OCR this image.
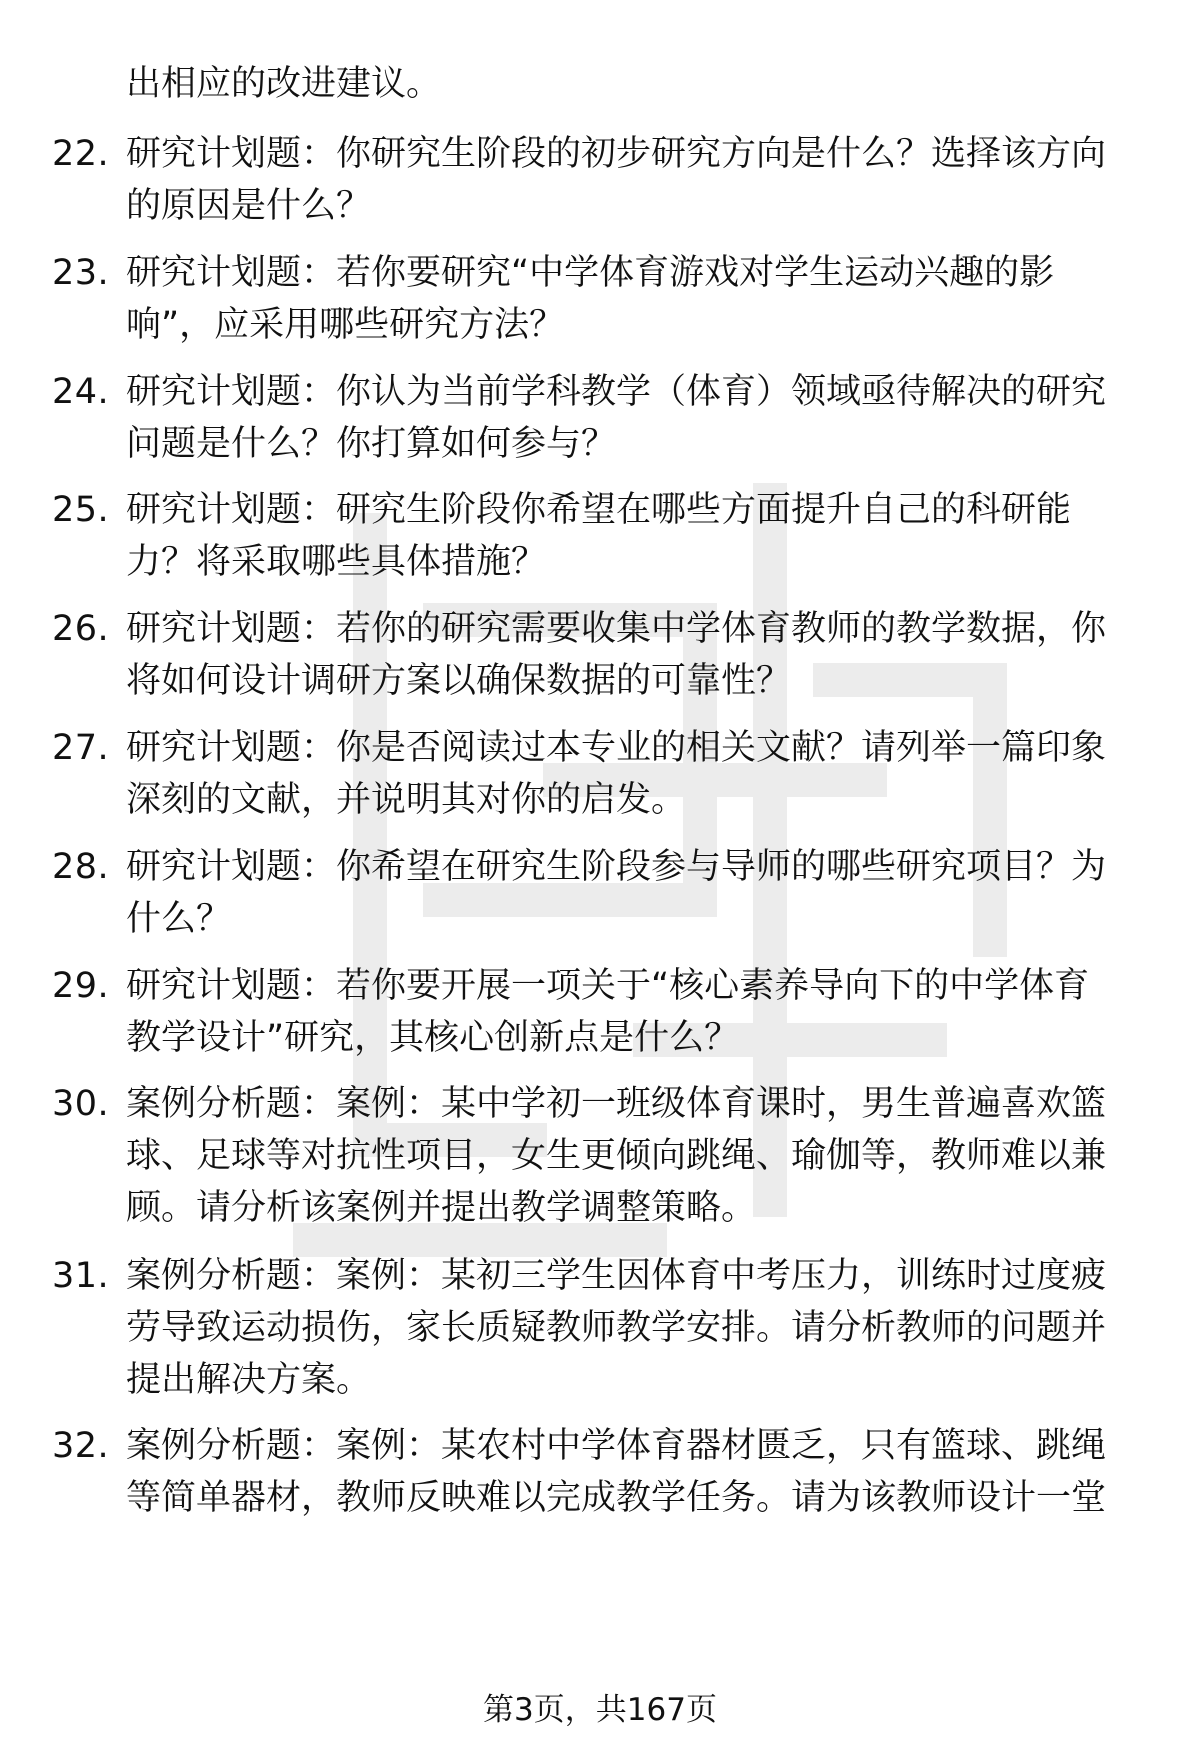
出相应的改进建议。
22. 研究计划题：你研究生阶段的初步研究方向是什么？选择该方向
的原因是什么？
23. 研究计划题：若你要研究“中学体育游戏对学生运动兴趣的影
响”，应采用哪些研究方法？
24. 研究计划题：你认为当前学科教学（体育）领域亟待解决的研究
问题是什么？你打算如何参与？
25. 研究计划题：研究生阶段你希望在哪些方面提升自己的科研能
力？将采取哪些具体措施？
26. 研究计划题：若你的研究需要收集中学体育教师的教学数据，你
将如何设计调研方案以确保数据的可靠性？
27. 研究计划题：你是否阅读过本专业的相关文献？请列举一篇印象
深刻的文献，并说明其对你的启发。
28. 研究计划题：你希望在研究生阶段参与导师的哪些研究项目？为
什么？
29. 研究计划题：若你要开展一项关于“核心素养导向下的中学体育
教学设计”研究，其核心创新点是什么？
30. 案例分析题：案例：某中学初一班级体育课时，男生普遍喜欢篮
球、足球等对抗性项目，女生更倾向跳绳、瑜伽等，教师难以兼
顾。请分析该案例并提出教学调整策略。
31. 案例分析题：案例：某初三学生因体育中考压力，训练时过度疲
劳导致运动损伤，家长质疑教师教学安排。请分析教师的问题并
提出解决方案。
32. 案例分析题：案例：某农村中学体育器材匮乏，只有篮球、跳绳
等简单器材，教师反映难以完成教学任务。请为该教师设计一堂
第3页，共167页
